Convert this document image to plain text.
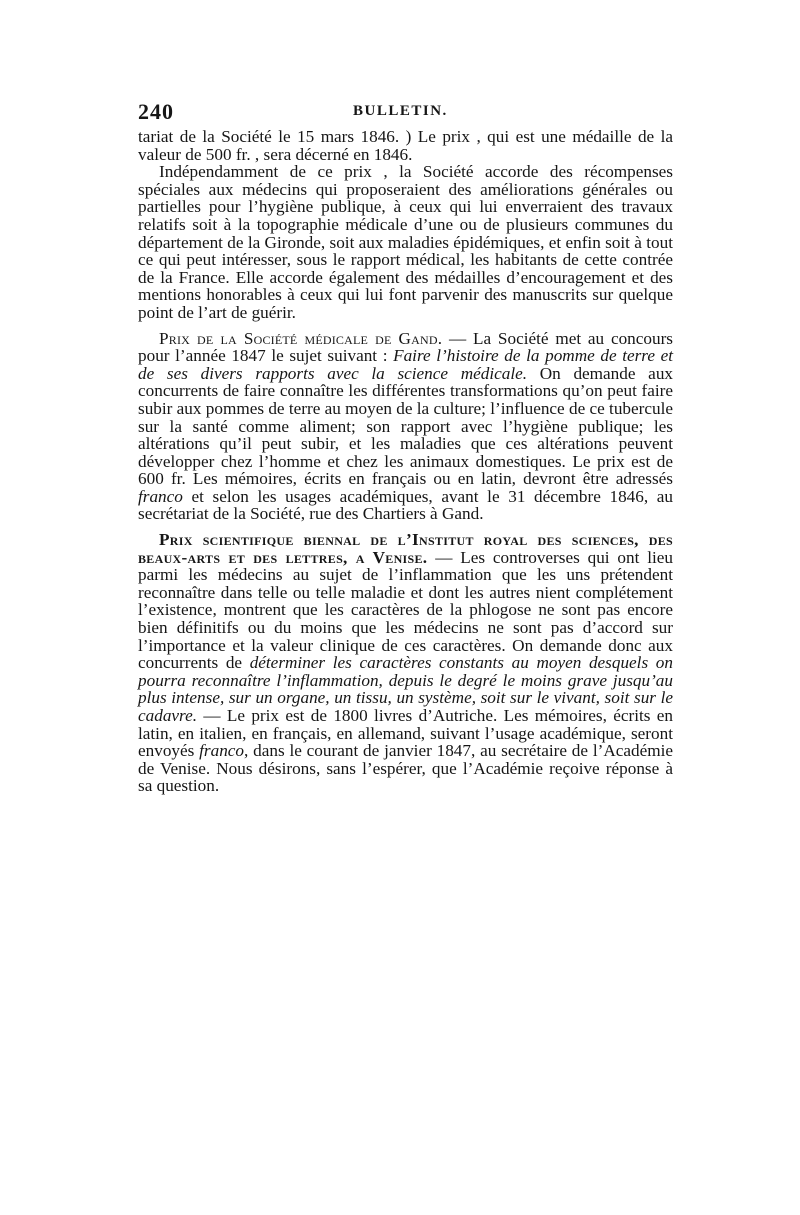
240	BULLETIN.

tariat de la Société le 15 mars 1846. ) Le prix , qui est une médaille de la valeur de 500 fr. , sera décerné en 1846.

Indépendamment de ce prix , la Société accorde des récompenses spéciales aux médecins qui proposeraient des améliorations générales ou partielles pour l’hygiène publique, à ceux qui lui enverraient des travaux relatifs soit à la topographie médicale d’une ou de plusieurs communes du département de la Gironde, soit aux maladies épidémiques, et enfin soit à tout ce qui peut intéresser, sous le rapport médical, les habitants de cette contrée de la France. Elle accorde également des médailles d’encouragement et des mentions honorables à ceux qui lui font parvenir des manuscrits sur quelque point de l’art de guérir.

Prix de la Société médicale de Gand. — La Société met au concours pour l’année 1847 le sujet suivant : Faire l’histoire de la pomme de terre et de ses divers rapports avec la science médicale. On demande aux concurrents de faire connaître les différentes transformations qu’on peut faire subir aux pommes de terre au moyen de la culture; l’influence de ce tubercule sur la santé comme aliment; son rapport avec l’hygiène publique; les altérations qu’il peut subir, et les maladies que ces altérations peuvent développer chez l’homme et chez les animaux domestiques. Le prix est de 600 fr. Les mémoires, écrits en français ou en latin, devront être adressés franco et selon les usages académiques, avant le 31 décembre 1846, au secrétariat de la Société, rue des Chartiers à Gand.

Prix scientifique biennal de l’Institut royal des sciences, des beaux-arts et des lettres, a Venise. — Les controverses qui ont lieu parmi les médecins au sujet de l’inflammation que les uns prétendent reconnaître dans telle ou telle maladie et dont les autres nient complétement l’existence, montrent que les caractères de la phlogose ne sont pas encore bien définitifs ou du moins que les médecins ne sont pas d’accord sur l’importance et la valeur clinique de ces caractères. On demande donc aux concurrents de déterminer les caractères constants au moyen desquels on pourra reconnaître l’inflammation, depuis le degré le moins grave jusqu’au plus intense, sur un organe, un tissu, un système, soit sur le vivant, soit sur le cadavre. — Le prix est de 1800 livres d’Autriche. Les mémoires, écrits en latin, en italien, en français, en allemand, suivant l’usage académique, seront envoyés franco, dans le courant de janvier 1847, au secrétaire de l’Académie de Venise. Nous désirons, sans l’espérer, que l’Académie reçoive réponse à sa question.
